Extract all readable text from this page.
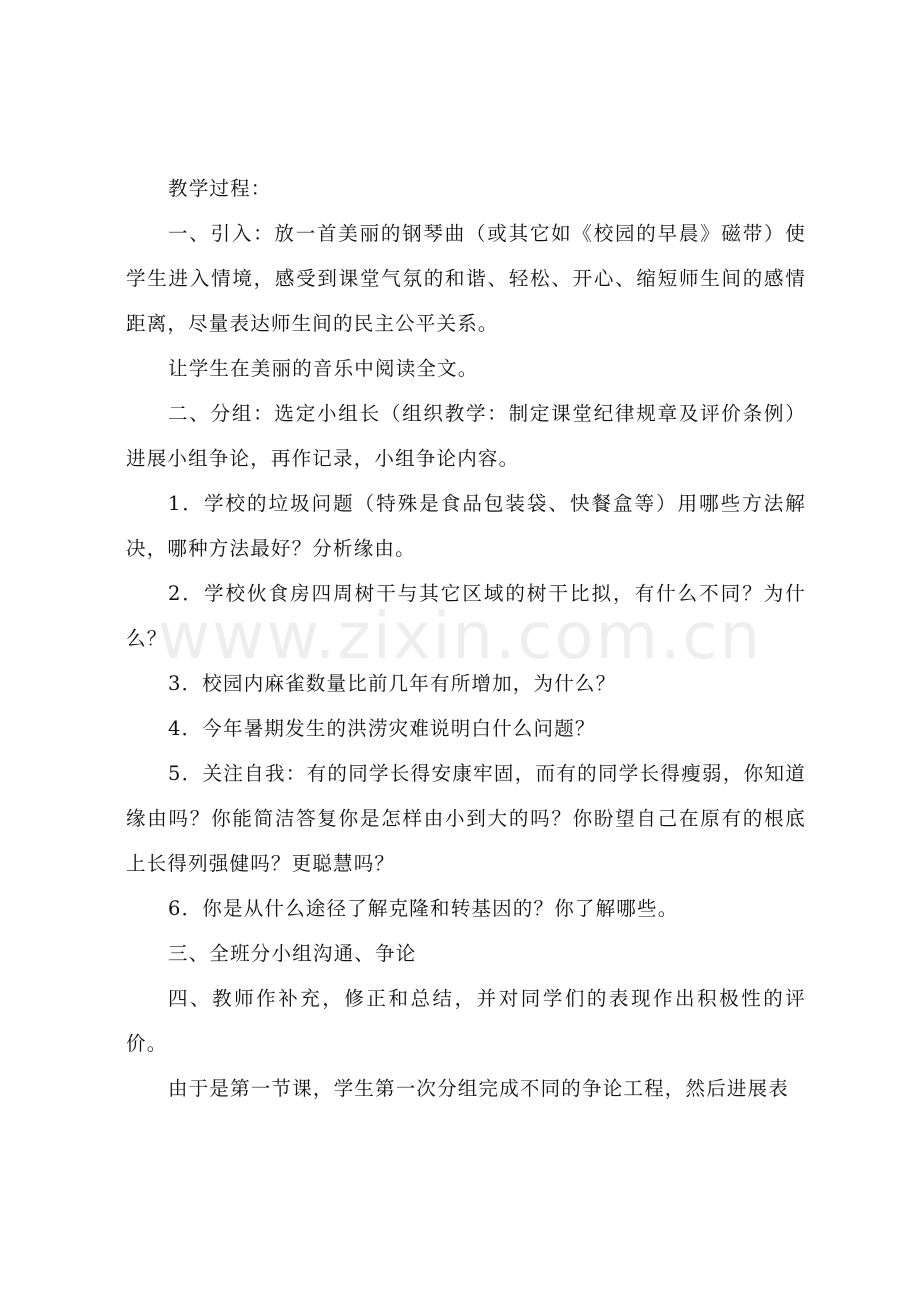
教学过程：

一、引入：放一首美丽的钢琴曲（或其它如《校园的早晨》磁带）使学生进入情境，感受到课堂气氛的和谐、轻松、开心、缩短师生间的感情距离，尽量表达师生间的民主公平关系。

让学生在美丽的音乐中阅读全文。

二、分组：选定小组长（组织教学：制定课堂纪律规章及评价条例）进展小组争论，再作记录，小组争论内容。

1．学校的垃圾问题（特殊是食品包装袋、快餐盒等）用哪些方法解决，哪种方法最好？分析缘由。

2．学校伙食房四周树干与其它区域的树干比拟，有什么不同？为什么？

3．校园内麻雀数量比前几年有所增加，为什么？

4．今年暑期发生的洪涝灾难说明白什么问题？

5．关注自我：有的同学长得安康牢固，而有的同学长得瘦弱，你知道缘由吗？你能简洁答复你是怎样由小到大的吗？你盼望自己在原有的根底上长得列强健吗？更聪慧吗？

6．你是从什么途径了解克隆和转基因的？你了解哪些。

三、全班分小组沟通、争论

四、教师作补充，修正和总结，并对同学们的表现作出积极性的评价。

由于是第一节课，学生第一次分组完成不同的争论工程，然后进展表

www.zixin.com.cn
